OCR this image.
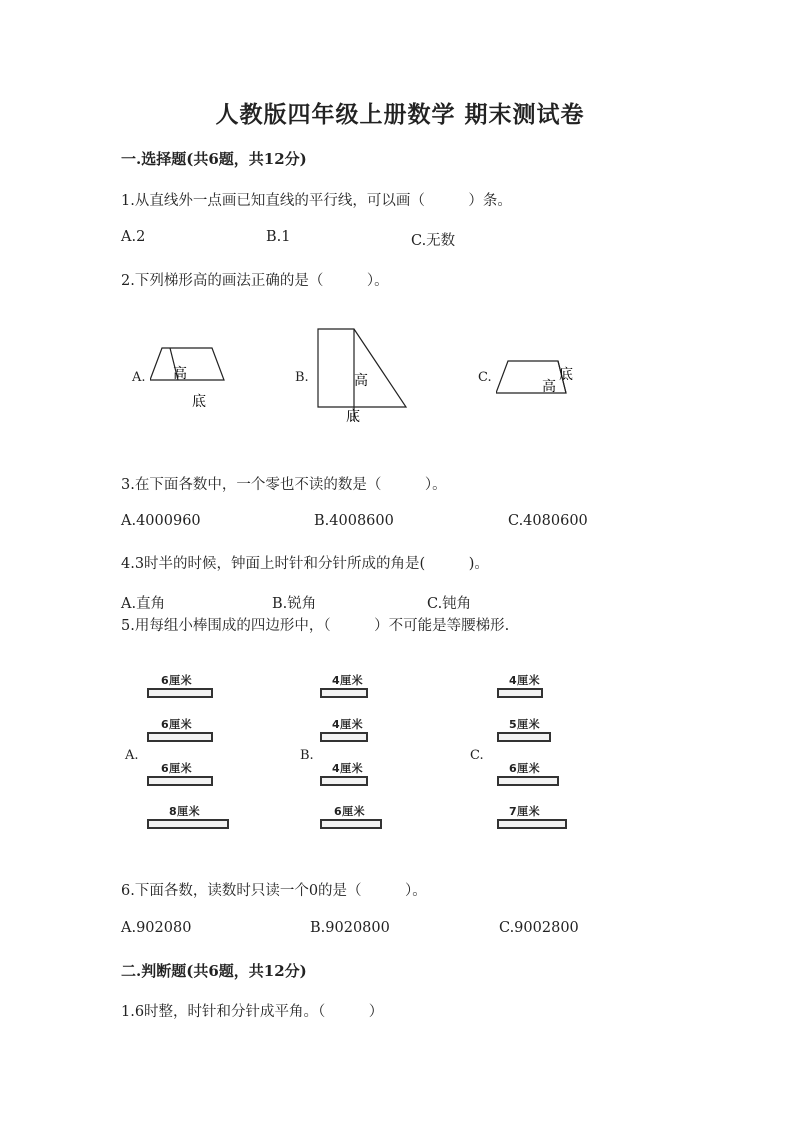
人教版四年级上册数学 期末测试卷
一.选择题(共6题，共12分)
1.从直线外一点画已知直线的平行线，可以画（　　　）条。
A.2	B.1	C.无数
2.下列梯形高的画法正确的是（　　　）。
A.	B.	C.
高
底
高
底
高
底
3.在下面各数中，一个零也不读的数是（　　　）。
A.4000960	B.4008600	C.4080600
4.3时半的时候，钟面上时针和分针所成的角是(　　　)。
A.直角	B.锐角	C.钝角
5.用每组小棒围成的四边形中，（　　　）不可能是等腰梯形.
A.	B.	C.
6厘米
6厘米
6厘米
8厘米
4厘米
4厘米
4厘米
6厘米
4厘米
5厘米
6厘米
7厘米
6.下面各数，读数时只读一个0的是（　　　）。
A.902080	B.9020800	C.9002800
二.判断题(共6题，共12分)
1.6时整，时针和分针成平角。（　　　）
